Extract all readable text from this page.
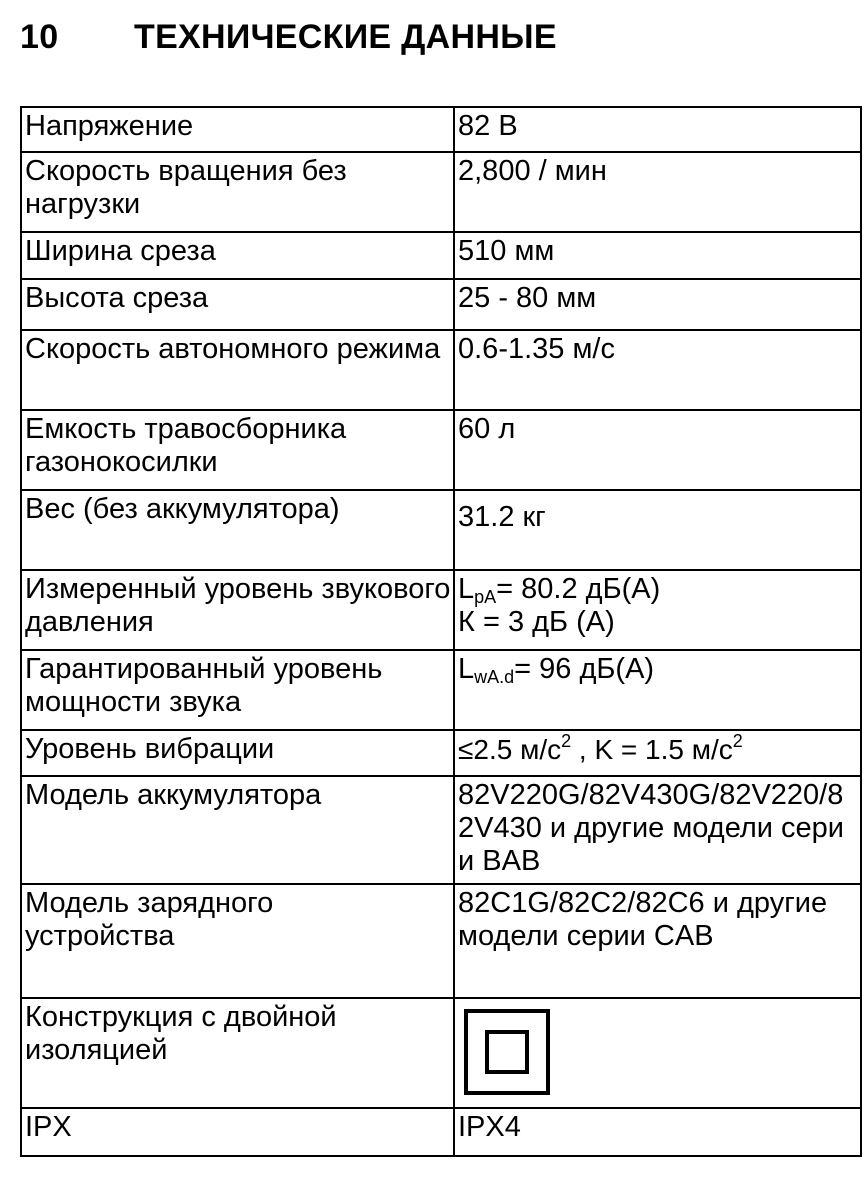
10 ТЕХНИЧЕСКИЕ ДАННЫЕ
Напряжение	82 В
Скорость вращения без нагрузки	2,800 / мин
Ширина среза	510 мм
Высота среза	25 - 80 мм
Скорость автономного режима	0.6-1.35 м/с
Емкость травосборника газонокосилки	60 л
Вес (без аккумулятора)	31.2 кг
Измеренный уровень звукового давления	$L_{pA}= 80.2$ дБ(А)
К = 3 дБ (А)

Гарантированный уровень мощности звука	$L_{wA.d}= 96$ дБ(А)
Уровень вибрации	≤2.5 $м/с^2$ , K = 1.5 $м/с^2$
Модель аккумулятора	82V220G/82V430G/82V220/82V430 и другие модели серии BAB
Модель зарядного устройства	82C1G/82C2/82C6 и другие модели серии CAB
Конструкция с двойной изоляцией	

IPX	IPX4
